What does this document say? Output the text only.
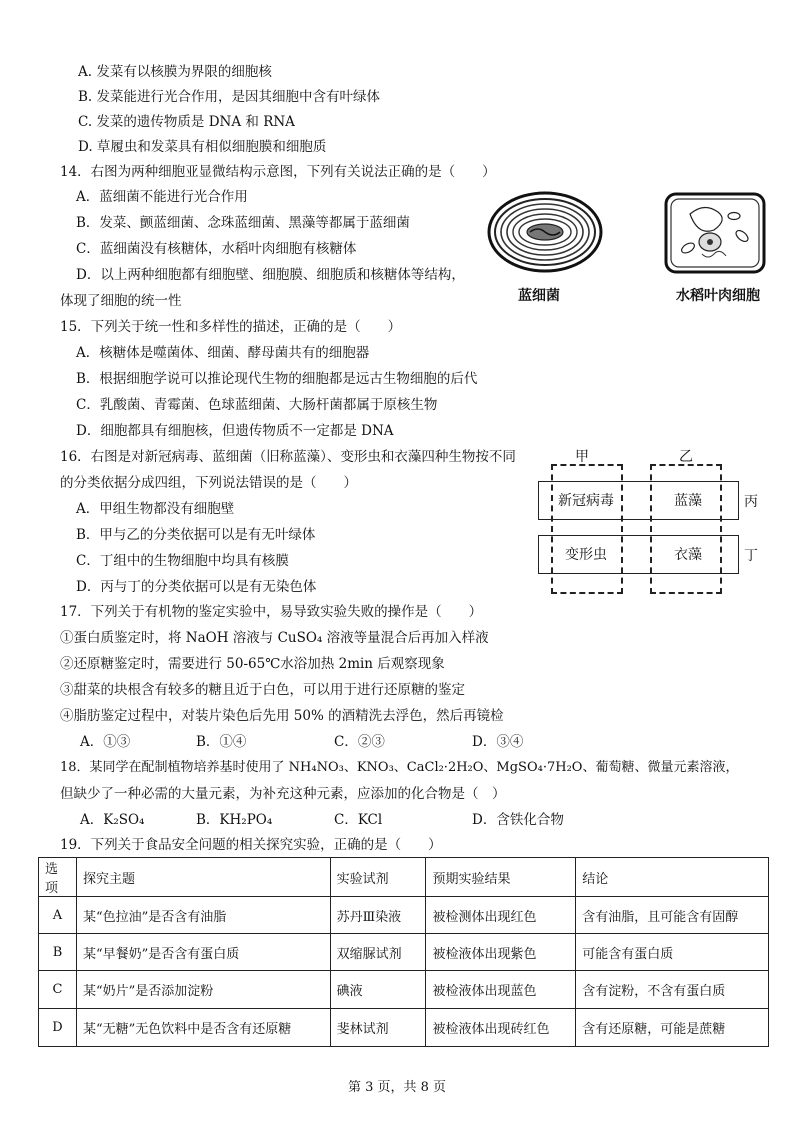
A. 发菜有以核膜为界限的细胞核
B. 发菜能进行光合作用，是因其细胞中含有叶绿体
C. 发菜的遗传物质是 DNA 和 RNA
D. 草履虫和发菜具有相似细胞膜和细胞质
14．右图为两种细胞亚显微结构示意图，下列有关说法正确的是（　　）
A．蓝细菌不能进行光合作用
B．发菜、颤蓝细菌、念珠蓝细菌、黑藻等都属于蓝细菌
C．蓝细菌没有核糖体，水稻叶肉细胞有核糖体
D．以上两种细胞都有细胞壁、细胞膜、细胞质和核糖体等结构，
体现了细胞的统一性	蓝细菌	水稻叶肉细胞
15．下列关于统一性和多样性的描述，正确的是（　　）
A．核糖体是噬菌体、细菌、酵母菌共有的细胞器
B．根据细胞学说可以推论现代生物的细胞都是远古生物细胞的后代
C．乳酸菌、青霉菌、色球蓝细菌、大肠杆菌都属于原核生物
D．细胞都具有细胞核，但遗传物质不一定都是 DNA
16．右图是对新冠病毒、蓝细菌（旧称蓝藻）、变形虫和衣藻四种生物按不同
的分类依据分成四组，下列说法错误的是（　　）
A．甲组生物都没有细胞壁
B．甲与乙的分类依据可以是有无叶绿体
C．丁组中的生物细胞中均具有核膜
D．丙与丁的分类依据可以是有无染色体
甲	乙
新冠病毒	蓝藻
变形虫	衣藻
丙
丁
17．下列关于有机物的鉴定实验中，易导致实验失败的操作是（　　）
①蛋白质鉴定时，将 NaOH 溶液与 CuSO₄ 溶液等量混合后再加入样液
②还原糖鉴定时，需要进行 50-65℃水浴加热 2min 后观察现象
③甜菜的块根含有较多的糖且近于白色，可以用于进行还原糖的鉴定
④脂肪鉴定过程中，对装片染色后先用 50% 的酒精洗去浮色，然后再镜检
A．①③	B．①④	C．②③	D．③④
18．某同学在配制植物培养基时使用了 NH₄NO₃、KNO₃、CaCl₂·2H₂O、MgSO₄·7H₂O、葡萄糖、微量元素溶液，
但缺少了一种必需的大量元素，为补充这种元素，应添加的化合物是（　）
A．K₂SO₄	B．KH₂PO₄	C．KCl	D．含铁化合物
19．下列关于食品安全问题的相关探究实验，正确的是（　　）
选项	探究主题	实验试剂	预期实验结果	结论
A	某“色拉油”是否含有油脂	苏丹Ⅲ染液	被检测体出现红色	含有油脂，且可能含有固醇
B	某“早餐奶”是否含有蛋白质	双缩脲试剂	被检液体出现紫色	可能含有蛋白质
C	某“奶片”是否添加淀粉	碘液	被检液体出现蓝色	含有淀粉，不含有蛋白质
D	某“无糖”无色饮料中是否含有还原糖	斐林试剂	被检液体出现砖红色	含有还原糖，可能是蔗糖
第 3 页，共 8 页
